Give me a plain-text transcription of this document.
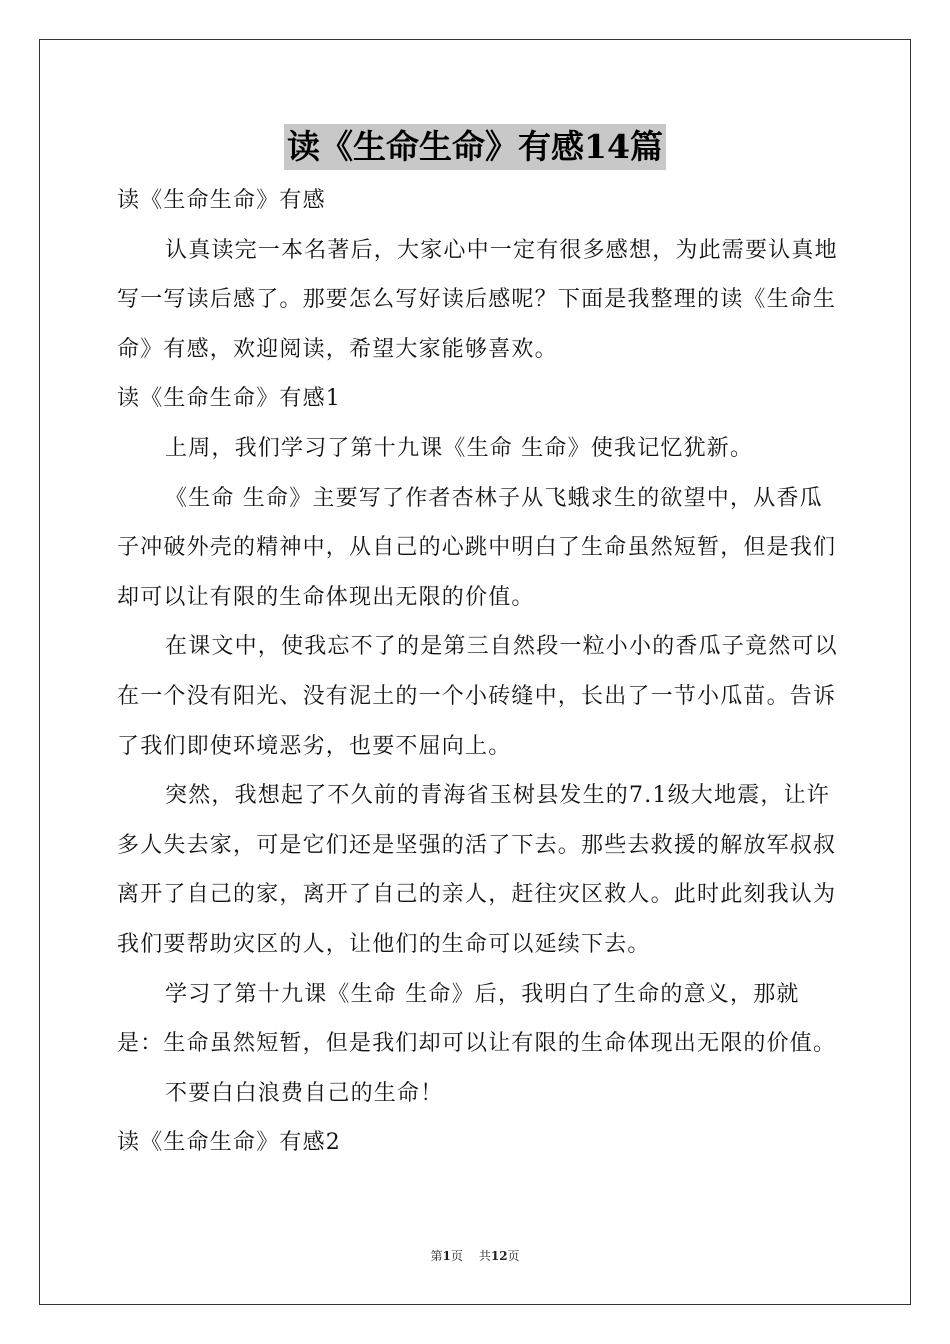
读《生命生命》有感14篇

读《生命生命》有感

认真读完一本名著后，大家心中一定有很多感想，为此需要认真地写一写读后感了。那要怎么写好读后感呢？下面是我整理的读《生命生命》有感，欢迎阅读，希望大家能够喜欢。

读《生命生命》有感1

上周，我们学习了第十九课《生命 生命》使我记忆犹新。

《生命 生命》主要写了作者杏林子从飞蛾求生的欲望中，从香瓜子冲破外壳的精神中，从自己的心跳中明白了生命虽然短暂，但是我们却可以让有限的生命体现出无限的价值。

在课文中，使我忘不了的是第三自然段一粒小小的香瓜子竟然可以在一个没有阳光、没有泥土的一个小砖缝中，长出了一节小瓜苗。告诉了我们即使环境恶劣，也要不屈向上。

突然，我想起了不久前的青海省玉树县发生的7.1级大地震，让许多人失去家，可是它们还是坚强的活了下去。那些去救援的解放军叔叔离开了自己的家，离开了自己的亲人，赶往灾区救人。此时此刻我认为我们要帮助灾区的人，让他们的生命可以延续下去。

学习了第十九课《生命 生命》后，我明白了生命的意义，那就是：生命虽然短暂，但是我们却可以让有限的生命体现出无限的价值。

不要白白浪费自己的生命！

读《生命生命》有感2

第1页 共12页
